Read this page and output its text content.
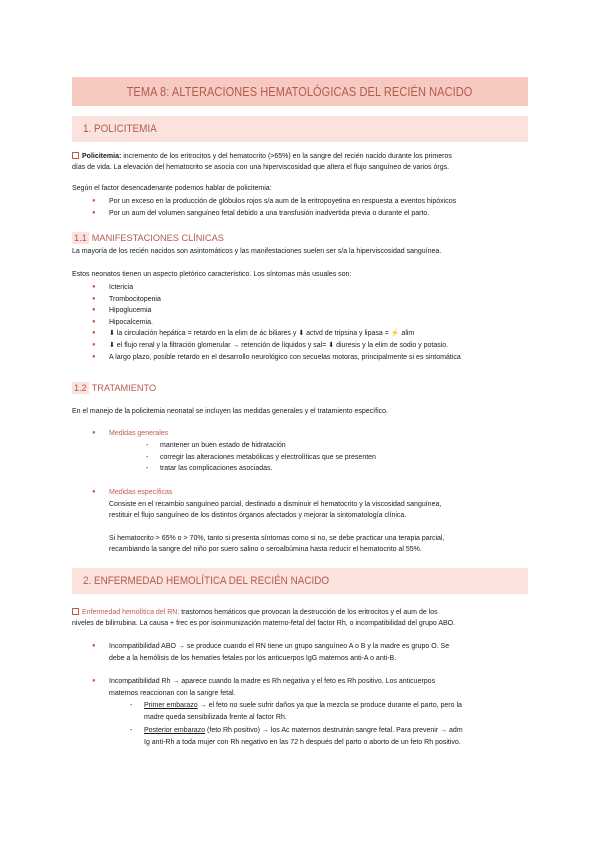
TEMA 8: ALTERACIONES HEMATOLÓGICAS DEL RECIÉN NACIDO
1. POLICITEMIA
Policitemia: incremento de los eritrocitos y del hematocrito (>65%) en la sangre del recién nacido durante los primeros
días de vida. La elevación del hematocrito se asocia con una hiperviscosidad que altera el flujo sanguíneo de varios órgs.
Según el factor desencadenante podemos hablar de policitemia:
● Por un exceso en la producción de glóbulos rojos s/a aum de la eritropoyetina en respuesta a eventos hipóxicos
● Por un aum del volumen sanguíneo fetal debido a una transfusión inadvertida previa o durante el parto.
1.1 MANIFESTACIONES CLÍNICAS
La mayoría de los recién nacidos son asintomáticos y las manifestaciones suelen ser s/a la hiperviscosidad sanguínea.
Estos neonatos tienen un aspecto pletórico característico. Los síntomas más usuales son:
● Ictericia
● Trombocitopenia
● Hipoglucemia
● Hipocalcemia.
● ⬇ la circulación hepática = retardo en la elim de ác biliares y ⬇ actvd de tripsina y lipasa = ⚡ alim
● ⬇ el flujo renal y la filtración glomerular → retención de líquidos y sal= ⬇ diuresis y la elim de sodio y potasio.
● A largo plazo, posible retardo en el desarrollo neurológico con secuelas motoras, principalmente si es sintomática
1.2 TRATAMIENTO
En el manejo de la policitemia neonatal se incluyen las medidas generales y el tratamiento específico.
● Medidas generales
- mantener un buen estado de hidratación
- corregir las alteraciones metabólicas y electrolíticas que se presenten
- tratar las complicaciones asociadas.
● Medidas específicas
Consiste en el recambio sanguíneo parcial, destinado a disminuir el hematocrito y la viscosidad sanguínea,
restituir el flujo sanguíneo de los distintos órganos afectados y mejorar la sintomatología clínica.
Si hematocrito > 65% o > 70%, tanto si presenta síntomas como si no, se debe practicar una terapia parcial,
recambiando la sangre del niño por suero salino o seroalbúmina hasta reducir el hematocrito al 55%.
2. ENFERMEDAD HEMOLÍTICA DEL RECIÉN NACIDO
Enfermedad hemolítica del RN: trastornos hemáticos que provocan la destrucción de los eritrocitos y el aum de los
niveles de bilirrubina. La causa + frec es por isoinmunización materno-fetal del factor Rh, o incompatibilidad del grupo ABO.
● Incompatibilidad ABO → se produce cuando el RN tiene un grupo sanguíneo A o B y la madre es grupo O. Se
debe a la hemólisis de los hematíes fetales por los anticuerpos IgG maternos anti-A o anti-B.
● Incompatibilidad Rh → aparece cuando la madre es Rh negativa y el feto es Rh positivo. Los anticuerpos
maternos reaccionan con la sangre fetal.
- Primer embarazo → el feto no suele sufrir daños ya que la mezcla se produce durante el parto, pero la
madre queda sensibilizada frente al factor Rh.
- Posterior embarazo (feto Rh positivo) → los Ac maternos destruirán sangre fetal. Para prevenir → adm
Ig anti-Rh a toda mujer con Rh negativo en las 72 h después del parto o aborto de un feto Rh positivo.
